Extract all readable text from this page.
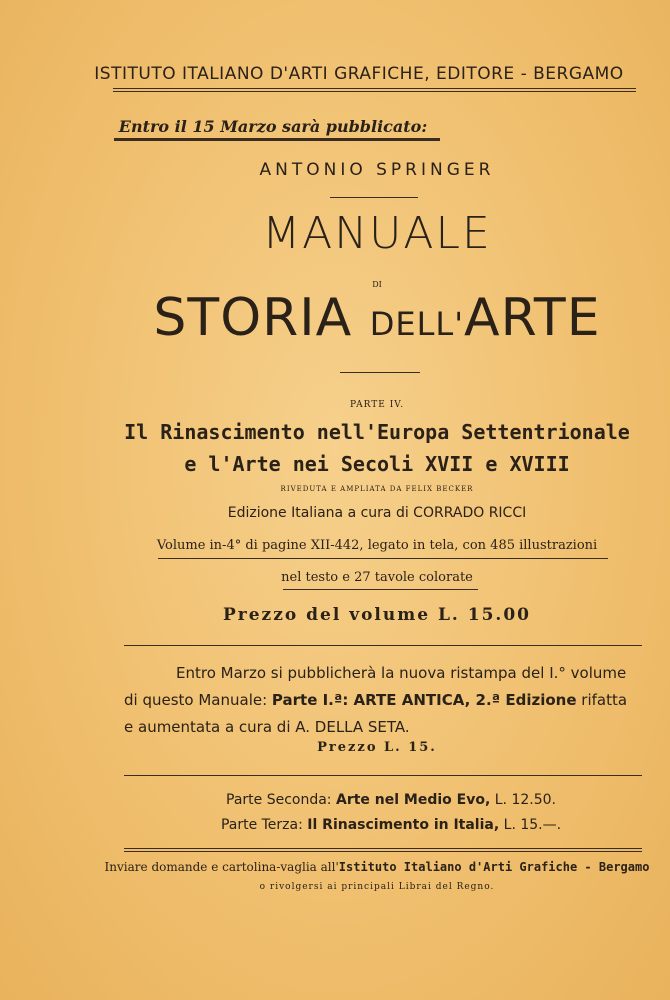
ISTITUTO ITALIANO D'ARTI GRAFICHE, EDITORE - BERGAMO
Entro il 15 Marzo sarà pubblicato:
ANTONIO SPRINGER
MANUALE
DI
STORIA DELL'ARTE
PARTE IV.
Il Rinascimento nell'Europa Settentrionale
e l'Arte nei Secoli XVII e XVIII
RIVEDUTA E AMPLIATA DA FELIX BECKER
Edizione Italiana a cura di CORRADO RICCI
Volume in-4° di pagine XII-442, legato in tela, con 485 illustrazioni
nel testo e 27 tavole colorate
Prezzo del volume L. 15.00
Entro Marzo si pubblicherà la nuova ristampa del I.° volume
di questo Manuale: Parte I.ª: ARTE ANTICA, 2.ª Edizione rifatta
e aumentata a cura di A. DELLA SETA.
Prezzo L. 15.
Parte Seconda: Arte nel Medio Evo, L. 12.50.
Parte Terza: Il Rinascimento in Italia, L. 15.—.
Inviare domande e cartolina-vaglia all'Istituto Italiano d'Arti Grafiche - Bergamo
o rivolgersi ai principali Librai del Regno.
